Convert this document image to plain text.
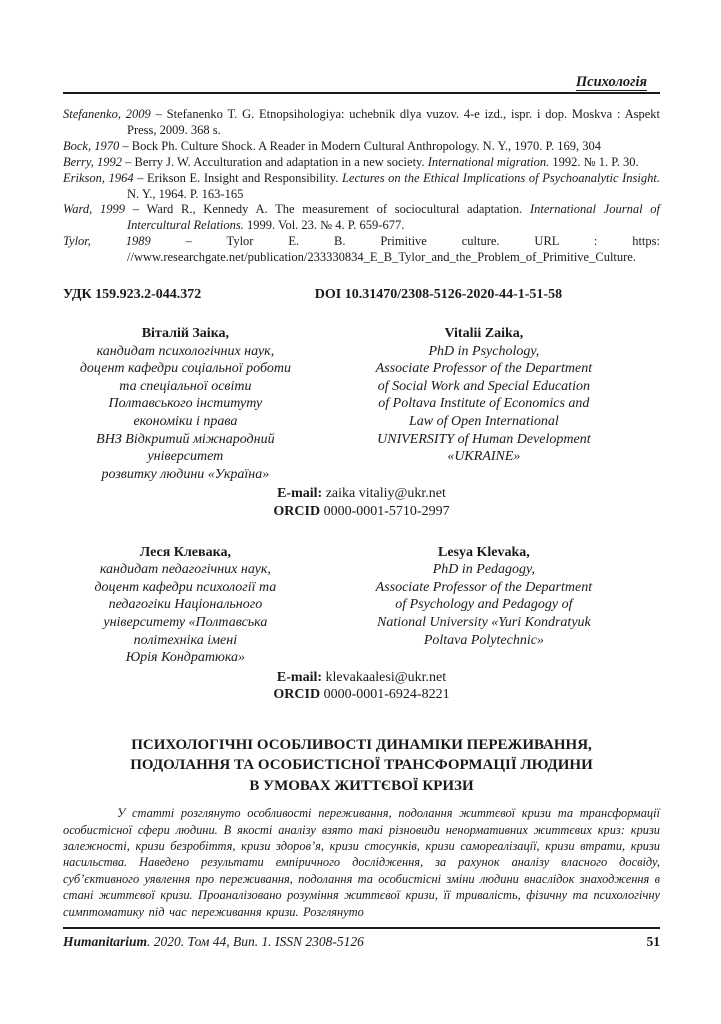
Психологія
Stefanenko, 2009 – Stefanenko T. G. Etnopsihologiya: uchebnik dlya vuzov. 4-e izd., ispr. i dop. Moskva : Aspekt Press, 2009. 368 s.
Bock, 1970 – Bock Ph. Culture Shock. A Reader in Modern Cultural Anthropology. N. Y., 1970. P. 169, 304
Berry, 1992 – Berry J. W. Acculturation and adaptation in a new society. International migration. 1992. № 1. P. 30.
Erikson, 1964 – Erikson E. Insight and Responsibility. Lectures on the Ethical Implications of Psychoanalytic Insight. N. Y., 1964. P. 163-165
Ward, 1999 – Ward R., Kennedy A. The measurement of sociocultural adaptation. International Journal of Intercultural Relations. 1999. Vol. 23. № 4. P. 659-677.
Tylor, 1989 – Tylor E. B. Primitive culture. URL : https://www.researchgate.net/publication/233330834_E_B_Tylor_and_the_Problem_of_Primitive_Culture.
УДК 159.923.2-044.372	DOI 10.31470/2308-5126-2020-44-1-51-58
Віталій Заіка,
кандидат психологічних наук,
доцент кафедри соціальної роботи
та спеціальної освіти
Полтавського інституту
економіки і права
ВНЗ Відкритий міжнародний
університет
розвитку людини «Україна»
Vitalii Zaika,
PhD in Psychology,
Associate Professor of the Department
of Social Work and Special Education
of Poltava Institute of Economics and
Law of Open International
UNIVERSITY of Human Development
«UKRAINE»
E-mail: zaika vitaliy@ukr.net
ORCID 0000-0001-5710-2997
Леся Клевака,
кандидат педагогічних наук,
доцент кафедри психології та
педагогіки Національного
університету «Полтавська
політехніка імені
Юрія Кондратюка»
Lesya Klevaka,
PhD in Pedagogy,
Associate Professor of the Department
of Psychology and Pedagogy of
National University «Yuri Kondratyuk
Poltava Polytechnic»
E-mail: klevakaalesi@ukr.net
ORCID 0000-0001-6924-8221
ПСИХОЛОГІЧНІ ОСОБЛИВОСТІ ДИНАМІКИ ПЕРЕЖИВАННЯ,
ПОДОЛАННЯ ТА ОСОБИСТІСНОЇ ТРАНСФОРМАЦІЇ ЛЮДИНИ
В УМОВАХ ЖИТТЄВОЇ КРИЗИ

У статті розглянуто особливості переживання, подолання життєвої кризи та трансформації особистісної сфери людини. В якості аналізу взято такі різновиди ненормативних життєвих криз: кризи залежності, кризи безробіття, кризи здоров’я, кризи стосунків, кризи самореалізації, кризи втрати, кризи насильства. Наведено результати емпіричного дослідження, за рахунок аналізу власного досвіду, суб’єктивного уявлення про переживання, подолання та особистісні зміни людини внаслідок знаходження в стані життєвої кризи. Проаналізовано розуміння життєвої кризи, її тривалість, фізичну та психологічну симптоматику під час переживання кризи. Розглянуто

Humanitarium. 2020. Том 44, Вип. 1. ISSN 2308-5126	51
